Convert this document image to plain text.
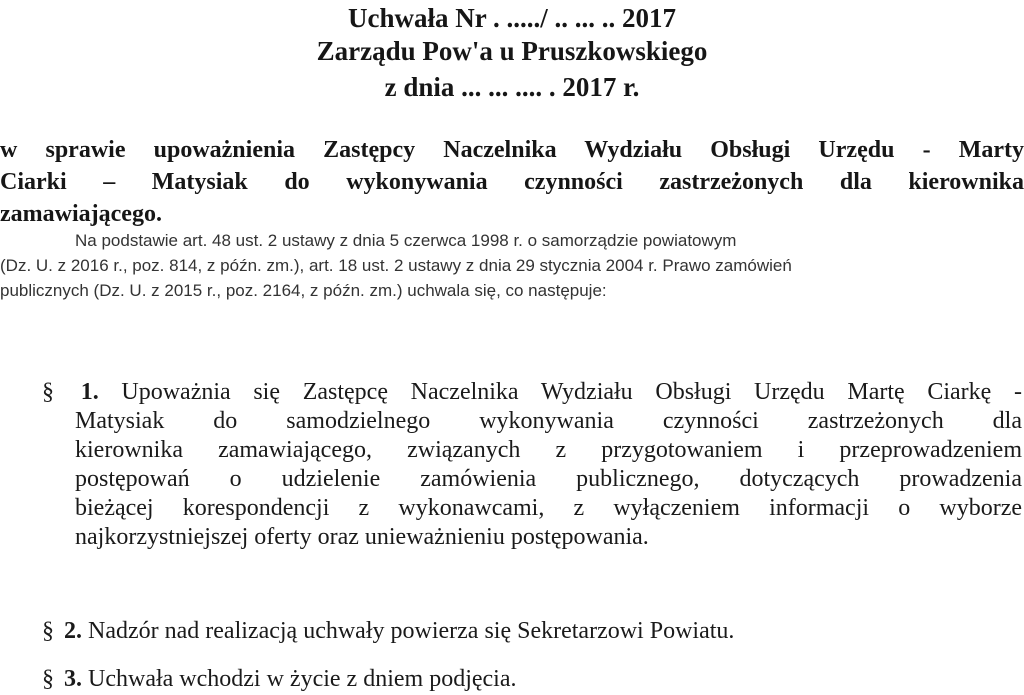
Uchwała Nr . ...../ .. ... .. 2017
Zarządu Pow'a u Pruszkowskiego
z dnia ... ... .... . 2017 r.
w sprawie upoważnienia Zastępcy Naczelnika Wydziału Obsługi Urzędu - Marty
Ciarki – Matysiak do wykonywania czynności zastrzeżonych dla kierownika
zamawiającego.
Na podstawie art. 48 ust. 2 ustawy z dnia 5 czerwca 1998 r. o samorządzie powiatowym
(Dz. U. z 2016 r., poz. 814, z późn. zm.), art. 18 ust. 2 ustawy z dnia 29 stycznia 2004 r. Prawo zamówień
publicznych (Dz. U. z 2015 r., poz. 2164, z późn. zm.) uchwala się, co następuje:
§ 1. Upoważnia się Zastępcę Naczelnika Wydziału Obsługi Urzędu Martę Ciarkę -
Matysiak do samodzielnego wykonywania czynności zastrzeżonych dla
kierownika zamawiającego, związanych z przygotowaniem i przeprowadzeniem
postępowań o udzielenie zamówienia publicznego, dotyczących prowadzenia
bieżącej korespondencji z wykonawcami, z wyłączeniem informacji o wyborze
najkorzystniejszej oferty oraz unieważnieniu postępowania.
§ 2. Nadzór nad realizacją uchwały powierza się Sekretarzowi Powiatu.
§ 3. Uchwała wchodzi w życie z dniem podjęcia.
